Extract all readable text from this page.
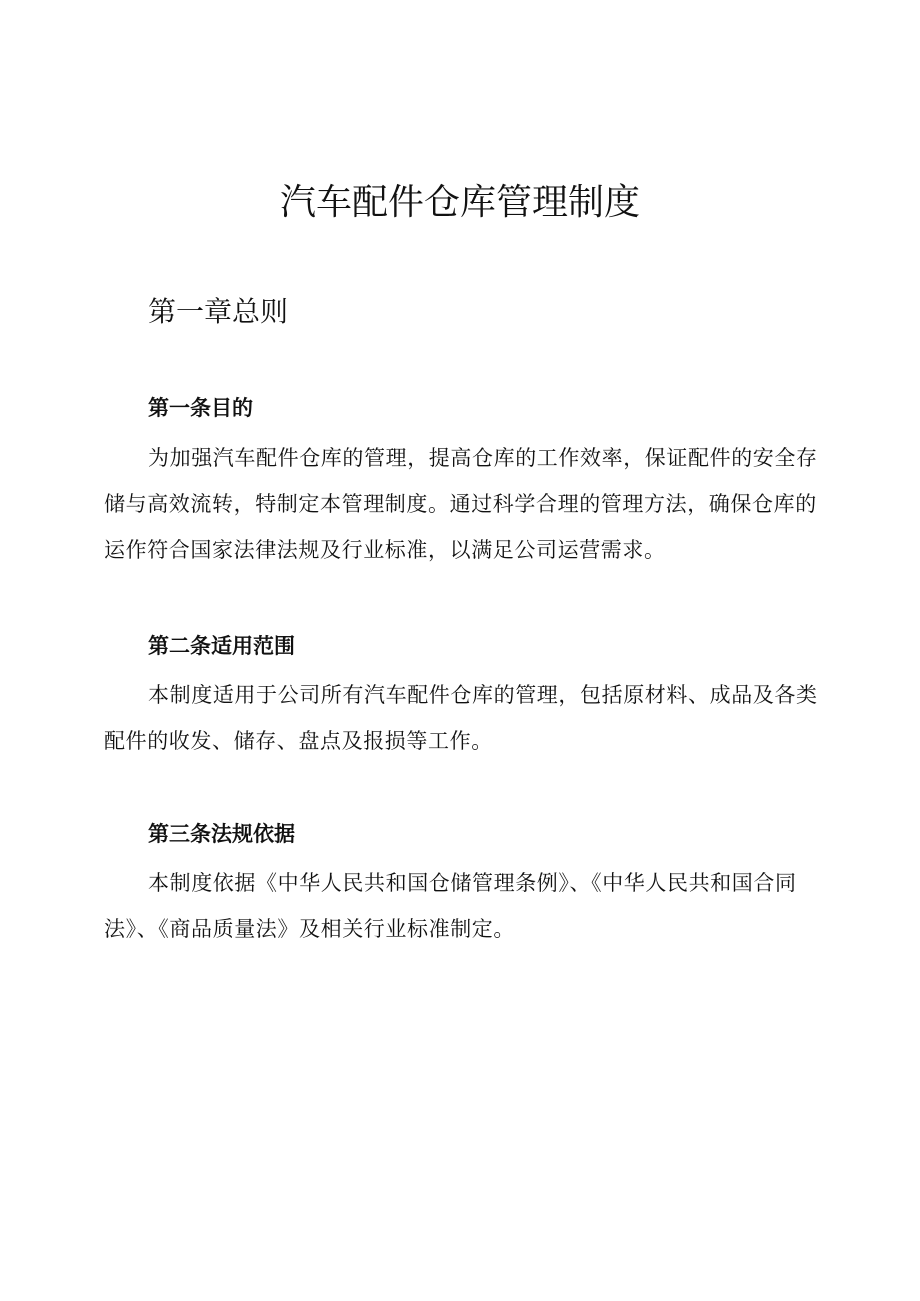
汽车配件仓库管理制度
第一章总则
第一条目的

为加强汽车配件仓库的管理，提高仓库的工作效率，保证配件的安全存储与高效流转，特制定本管理制度。通过科学合理的管理方法，确保仓库的运作符合国家法律法规及行业标准，以满足公司运营需求。

第二条适用范围

本制度适用于公司所有汽车配件仓库的管理，包括原材料、成品及各类配件的收发、储存、盘点及报损等工作。

第三条法规依据

本制度依据《中华人民共和国仓储管理条例》、《中华人民共和国合同法》、《商品质量法》及相关行业标准制定。
